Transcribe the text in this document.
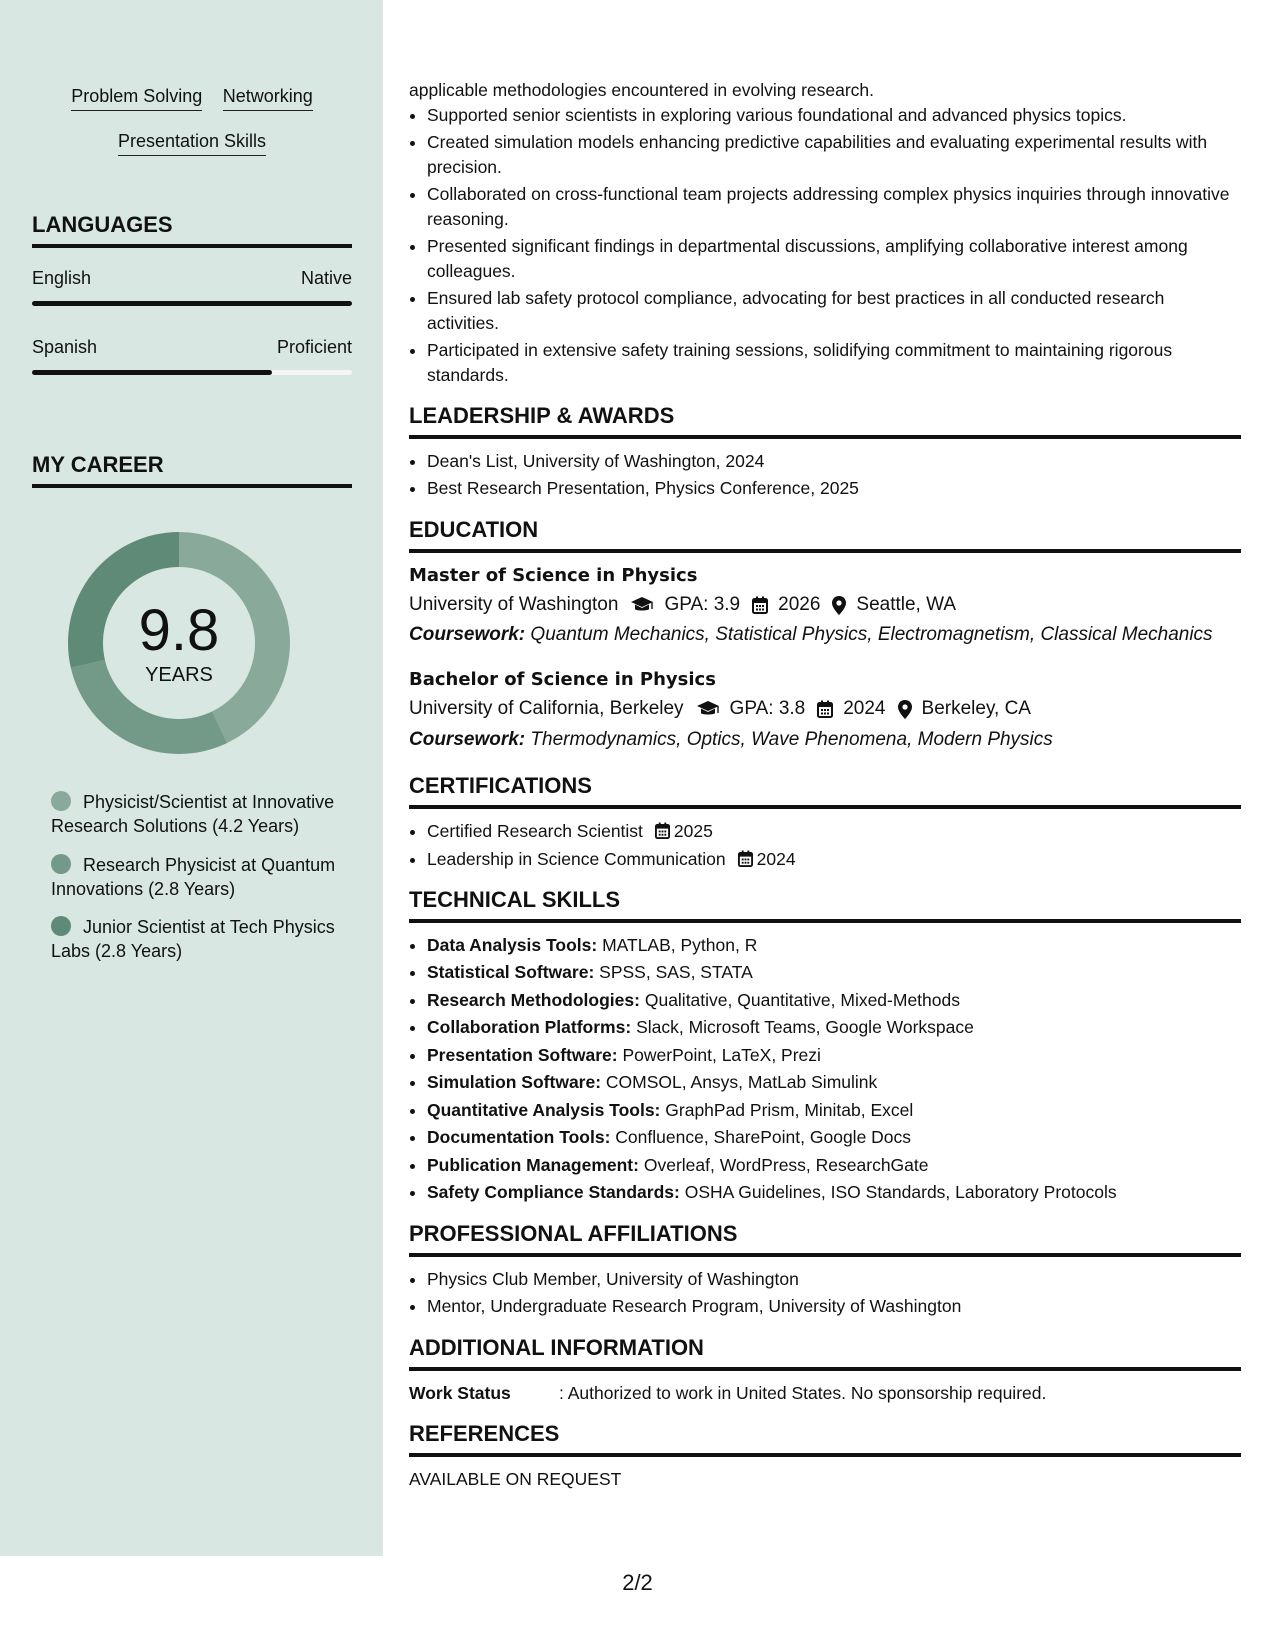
Problem Solving Networking
Presentation Skills
LANGUAGES
English	Native
Spanish	Proficient
MY CAREER
9.8
YEARS
Physicist/Scientist at Innovative Research Solutions (4.2 Years)
Research Physicist at Quantum Innovations (2.8 Years)
Junior Scientist at Tech Physics Labs (2.8 Years)
applicable methodologies encountered in evolving research.
• Supported senior scientists in exploring various foundational and advanced physics topics.
• Created simulation models enhancing predictive capabilities and evaluating experimental results with precision.
• Collaborated on cross-functional team projects addressing complex physics inquiries through innovative reasoning.
• Presented significant findings in departmental discussions, amplifying collaborative interest among colleagues.
• Ensured lab safety protocol compliance, advocating for best practices in all conducted research activities.
• Participated in extensive safety training sessions, solidifying commitment to maintaining rigorous standards.
LEADERSHIP & AWARDS
• Dean's List, University of Washington, 2024
• Best Research Presentation, Physics Conference, 2025
EDUCATION
Master of Science in Physics
University of Washington GPA: 3.9 2026 Seattle, WA
Coursework: Quantum Mechanics, Statistical Physics, Electromagnetism, Classical Mechanics
Bachelor of Science in Physics
University of California, Berkeley GPA: 3.8 2024 Berkeley, CA
Coursework: Thermodynamics, Optics, Wave Phenomena, Modern Physics
CERTIFICATIONS
• Certified Research Scientist 2025
• Leadership in Science Communication 2024
TECHNICAL SKILLS
• Data Analysis Tools: MATLAB, Python, R
• Statistical Software: SPSS, SAS, STATA
• Research Methodologies: Qualitative, Quantitative, Mixed-Methods
• Collaboration Platforms: Slack, Microsoft Teams, Google Workspace
• Presentation Software: PowerPoint, LaTeX, Prezi
• Simulation Software: COMSOL, Ansys, MatLab Simulink
• Quantitative Analysis Tools: GraphPad Prism, Minitab, Excel
• Documentation Tools: Confluence, SharePoint, Google Docs
• Publication Management: Overleaf, WordPress, ResearchGate
• Safety Compliance Standards: OSHA Guidelines, ISO Standards, Laboratory Protocols
PROFESSIONAL AFFILIATIONS
• Physics Club Member, University of Washington
• Mentor, Undergraduate Research Program, University of Washington
ADDITIONAL INFORMATION
Work Status	: Authorized to work in United States. No sponsorship required.
REFERENCES
AVAILABLE ON REQUEST
2/2
